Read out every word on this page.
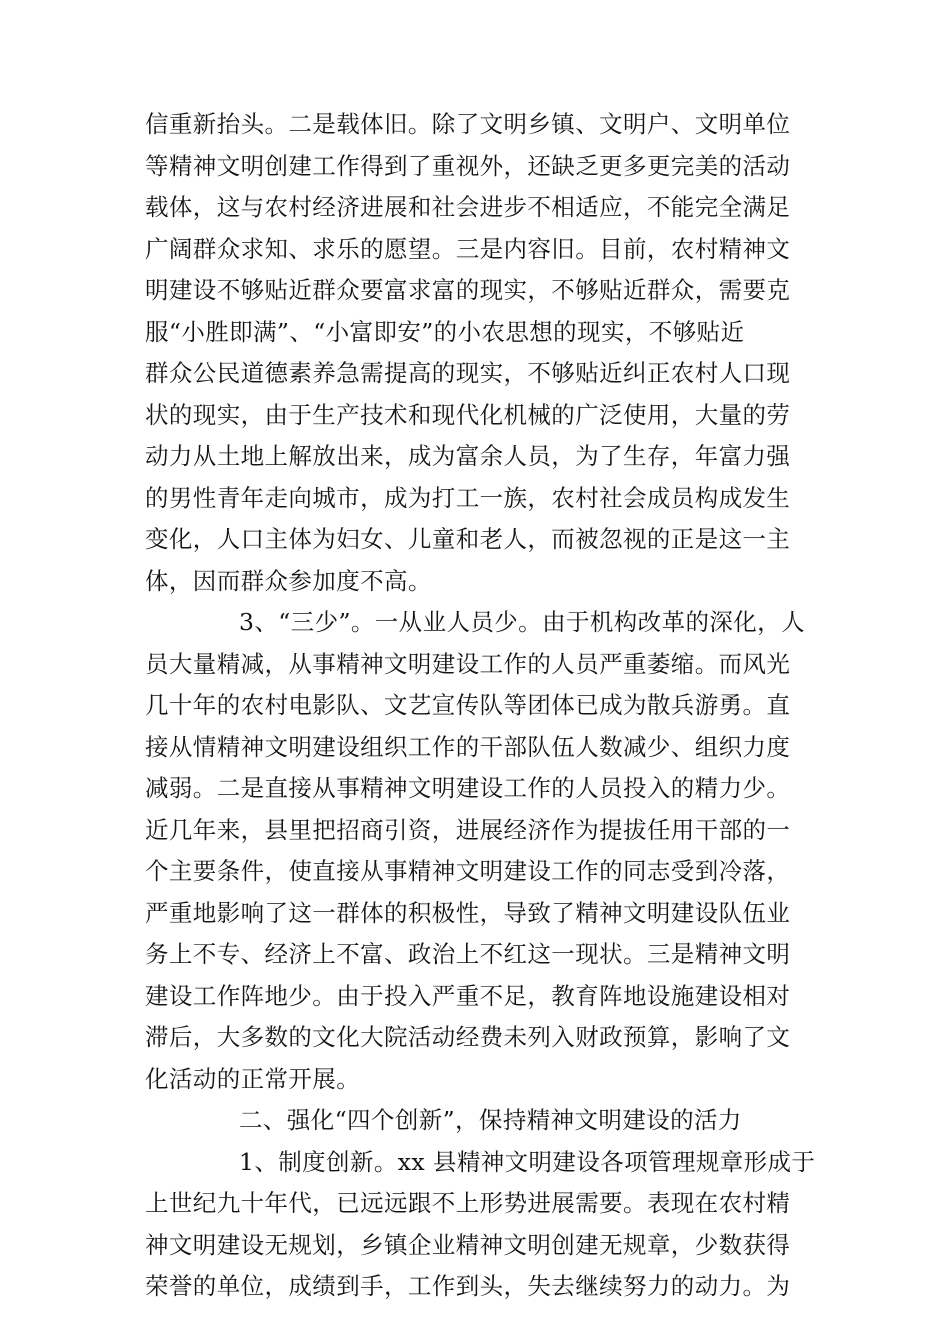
信重新抬头。二是载体旧。除了文明乡镇、文明户、文明单位
等精神文明创建工作得到了重视外，还缺乏更多更完美的活动
载体，这与农村经济进展和社会进步不相适应，不能完全满足
广阔群众求知、求乐的愿望。三是内容旧。目前，农村精神文
明建设不够贴近群众要富求富的现实，不够贴近群众，需要克
服“小胜即满”、“小富即安”的小农思想的现实，不够贴近
群众公民道德素养急需提高的现实，不够贴近纠正农村人口现
状的现实，由于生产技术和现代化机械的广泛使用，大量的劳
动力从土地上解放出来，成为富余人员，为了生存，年富力强
的男性青年走向城市，成为打工一族，农村社会成员构成发生
变化，人口主体为妇女、儿童和老人，而被忽视的正是这一主
体，因而群众参加度不高。
3、“三少”。一从业人员少。由于机构改革的深化，人
员大量精减，从事精神文明建设工作的人员严重萎缩。而风光
几十年的农村电影队、文艺宣传队等团体已成为散兵游勇。直
接从情精神文明建设组织工作的干部队伍人数减少、组织力度
减弱。二是直接从事精神文明建设工作的人员投入的精力少。
近几年来，县里把招商引资，进展经济作为提拔任用干部的一
个主要条件，使直接从事精神文明建设工作的同志受到冷落，
严重地影响了这一群体的积极性，导致了精神文明建设队伍业
务上不专、经济上不富、政治上不红这一现状。三是精神文明
建设工作阵地少。由于投入严重不足，教育阵地设施建设相对
滞后，大多数的文化大院活动经费未列入财政预算，影响了文
化活动的正常开展。
二、强化“四个创新”，保持精神文明建设的活力
1、制度创新。xx 县精神文明建设各项管理规章形成于
上世纪九十年代，已远远跟不上形势进展需要。表现在农村精
神文明建设无规划，乡镇企业精神文明创建无规章，少数获得
荣誉的单位，成绩到手，工作到头，失去继续努力的动力。为
